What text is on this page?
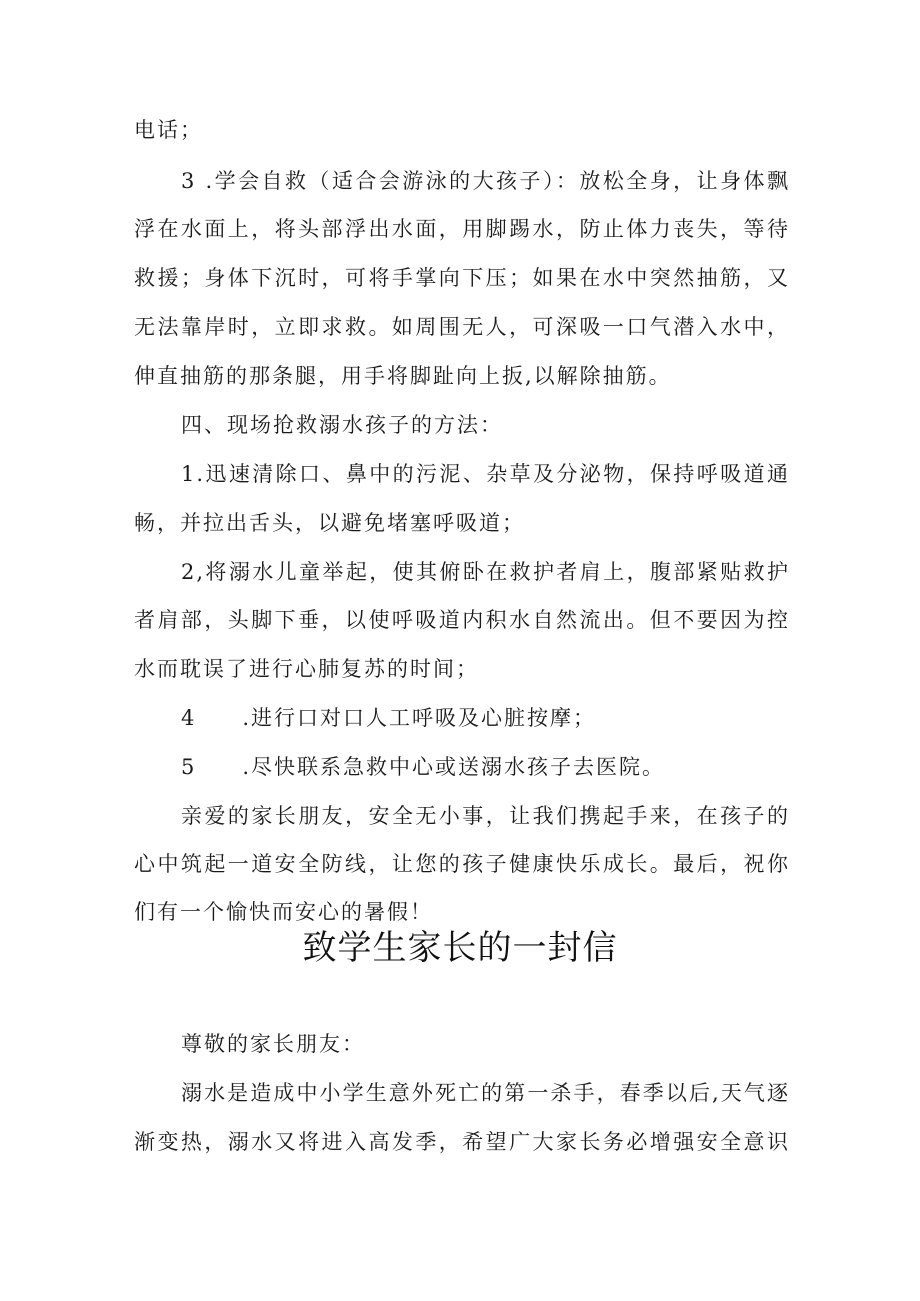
电话；
3 .学会自救（适合会游泳的大孩子）：放松全身，让身体飘
浮在水面上，将头部浮出水面，用脚踢水，防止体力丧失，等待
救援；身体下沉时，可将手掌向下压；如果在水中突然抽筋，又
无法靠岸时，立即求救。如周围无人，可深吸一口气潜入水中，
伸直抽筋的那条腿，用手将脚趾向上扳,以解除抽筋。
四、现场抢救溺水孩子的方法：
1.迅速清除口、鼻中的污泥、杂草及分泌物，保持呼吸道通
畅，并拉出舌头，以避免堵塞呼吸道；
2,将溺水儿童举起，使其俯卧在救护者肩上，腹部紧贴救护
者肩部，头脚下垂，以使呼吸道内积水自然流出。但不要因为控
水而耽误了进行心肺复苏的时间；
4　　.进行口对口人工呼吸及心脏按摩；
5　　.尽快联系急救中心或送溺水孩子去医院。
亲爱的家长朋友，安全无小事，让我们携起手来，在孩子的
心中筑起一道安全防线，让您的孩子健康快乐成长。最后，祝你
们有一个愉快而安心的暑假！
致学生家长的一封信
尊敬的家长朋友：
溺水是造成中小学生意外死亡的第一杀手，春季以后,天气逐
渐变热，溺水又将进入高发季，希望广大家长务必增强安全意识
